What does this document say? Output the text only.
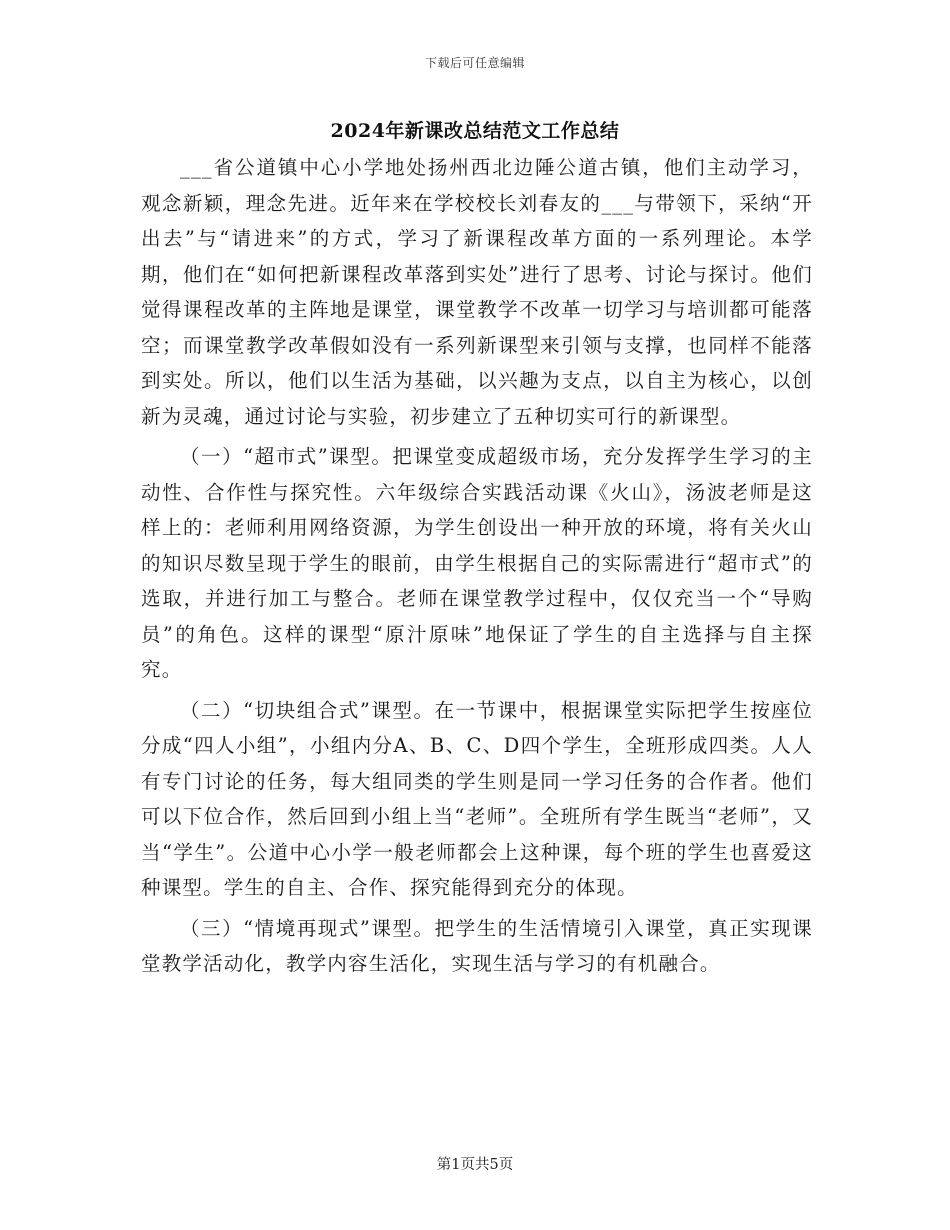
下载后可任意编辑
2024年新课改总结范文工作总结

___省公道镇中心小学地处扬州西北边陲公道古镇，他们主动学习，观念新颖，理念先进。近年来在学校校长刘春友的___与带领下，采纳“开出去”与“请进来”的方式，学习了新课程改革方面的一系列理论。本学期，他们在“如何把新课程改革落到实处”进行了思考、讨论与探讨。他们觉得课程改革的主阵地是课堂，课堂教学不改革一切学习与培训都可能落空；而课堂教学改革假如没有一系列新课型来引领与支撑，也同样不能落到实处。所以，他们以生活为基础，以兴趣为支点，以自主为核心，以创新为灵魂，通过讨论与实验，初步建立了五种切实可行的新课型。

（一）“超市式”课型。把课堂变成超级市场，充分发挥学生学习的主动性、合作性与探究性。六年级综合实践活动课《火山》，汤波老师是这样上的：老师利用网络资源，为学生创设出一种开放的环境，将有关火山的知识尽数呈现于学生的眼前，由学生根据自己的实际需进行“超市式”的选取，并进行加工与整合。老师在课堂教学过程中，仅仅充当一个“导购员”的角色。这样的课型“原汁原味”地保证了学生的自主选择与自主探究。

（二）“切块组合式”课型。在一节课中，根据课堂实际把学生按座位分成“四人小组”，小组内分A、B、C、D四个学生，全班形成四类。人人有专门讨论的任务，每大组同类的学生则是同一学习任务的合作者。他们可以下位合作，然后回到小组上当“老师”。全班所有学生既当“老师”，又当“学生”。公道中心小学一般老师都会上这种课，每个班的学生也喜爱这种课型。学生的自主、合作、探究能得到充分的体现。

（三）“情境再现式”课型。把学生的生活情境引入课堂，真正实现课堂教学活动化，教学内容生活化，实现生活与学习的有机融合。

第1页共5页
